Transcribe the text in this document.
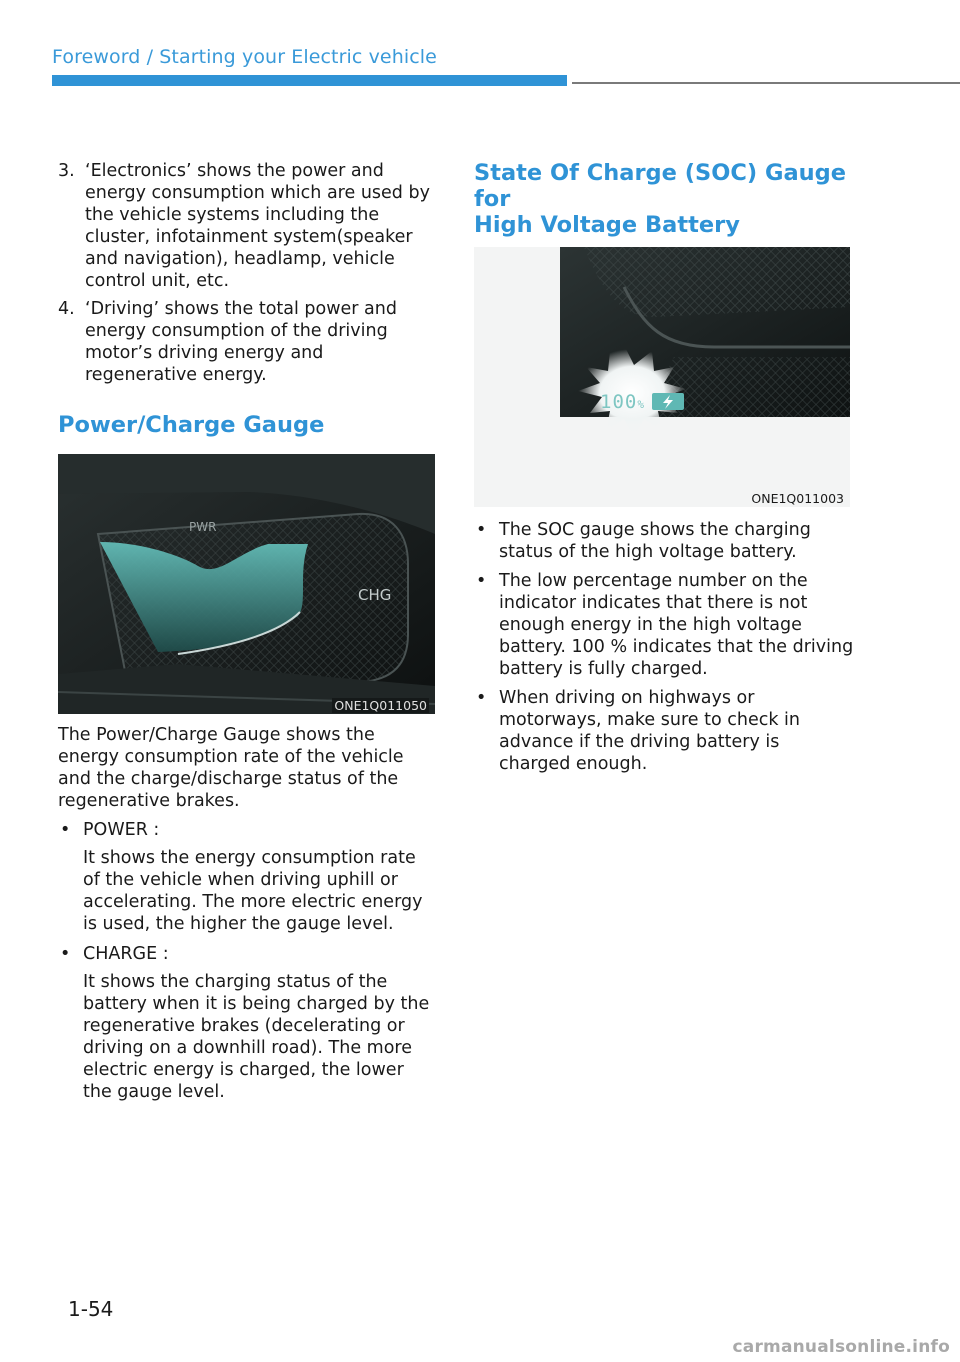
Foreword / Starting your Electric vehicle
3. ‘Electronics’ shows the power and energy consumption which are used by the vehicle systems including the cluster, infotainment system(speaker and navigation), headlamp, vehicle control unit, etc.
4. ‘Driving’ shows the total power and energy consumption of the driving motor’s driving energy and regenerative energy.
Power/Charge Gauge
PWR
CHG
ONE1Q011050

The Power/Charge Gauge shows the energy consumption rate of the vehicle and the charge/discharge status of the regenerative brakes.

• POWER :

It shows the energy consumption rate of the vehicle when driving uphill or accelerating. The more electric energy is used, the higher the gauge level.

• CHARGE :

It shows the charging status of the battery when it is being charged by the regenerative brakes (decelerating or driving on a downhill road). The more electric energy is charged, the lower the gauge level.

State Of Charge (SOC) Gauge for
High Voltage Battery
100%
ONE1Q011003
• The SOC gauge shows the charging status of the high voltage battery.
• The low percentage number on the indicator indicates that there is not enough energy in the high voltage battery. 100 % indicates that the driving battery is fully charged.
• When driving on highways or motorways, make sure to check in advance if the driving battery is charged enough.
1-54
carmanualsonline.info
